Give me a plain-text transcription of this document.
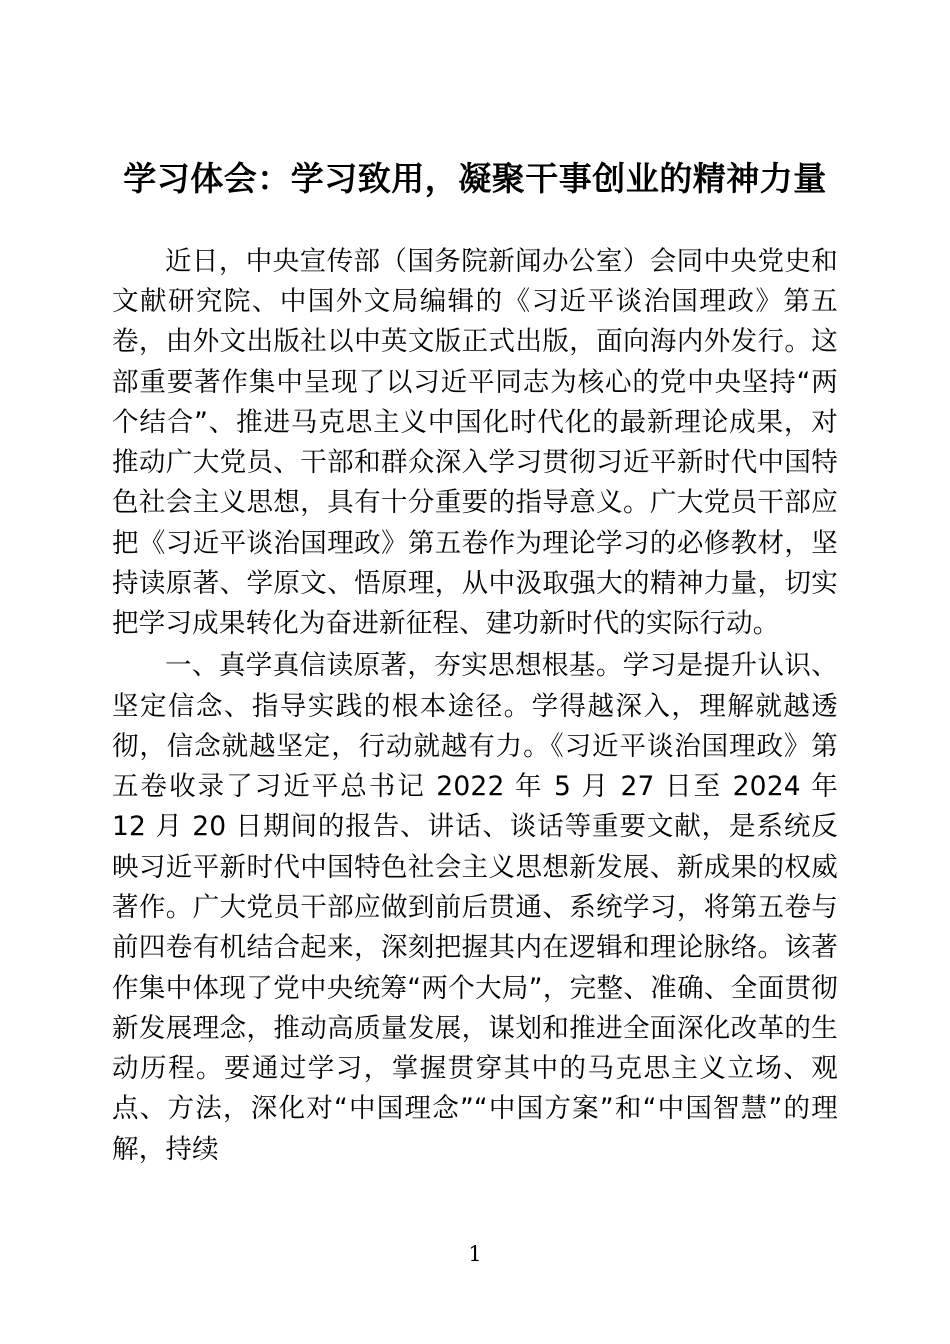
学习体会：学习致用，凝聚干事创业的精神力量

近日，中央宣传部（国务院新闻办公室）会同中央党史和文献研究院、中国外文局编辑的《习近平谈治国理政》第五卷，由外文出版社以中英文版正式出版，面向海内外发行。这部重要著作集中呈现了以习近平同志为核心的党中央坚持“两个结合”、推进马克思主义中国化时代化的最新理论成果，对推动广大党员、干部和群众深入学习贯彻习近平新时代中国特色社会主义思想，具有十分重要的指导意义。广大党员干部应把《习近平谈治国理政》第五卷作为理论学习的必修教材，坚持读原著、学原文、悟原理，从中汲取强大的精神力量，切实把学习成果转化为奋进新征程、建功新时代的实际行动。

一、真学真信读原著，夯实思想根基。学习是提升认识、坚定信念、指导实践的根本途径。学得越深入，理解就越透彻，信念就越坚定，行动就越有力。《习近平谈治国理政》第五卷收录了习近平总书记 2022 年 5 月 27 日至 2024 年 12 月 20 日期间的报告、讲话、谈话等重要文献，是系统反映习近平新时代中国特色社会主义思想新发展、新成果的权威著作。广大党员干部应做到前后贯通、系统学习，将第五卷与前四卷有机结合起来，深刻把握其内在逻辑和理论脉络。该著作集中体现了党中央统筹“两个大局”，完整、准确、全面贯彻新发展理念，推动高质量发展，谋划和推进全面深化改革的生动历程。要通过学习，掌握贯穿其中的马克思主义立场、观点、方法，深化对“中国理念”“中国方案”和“中国智慧”的理解，持续

1
